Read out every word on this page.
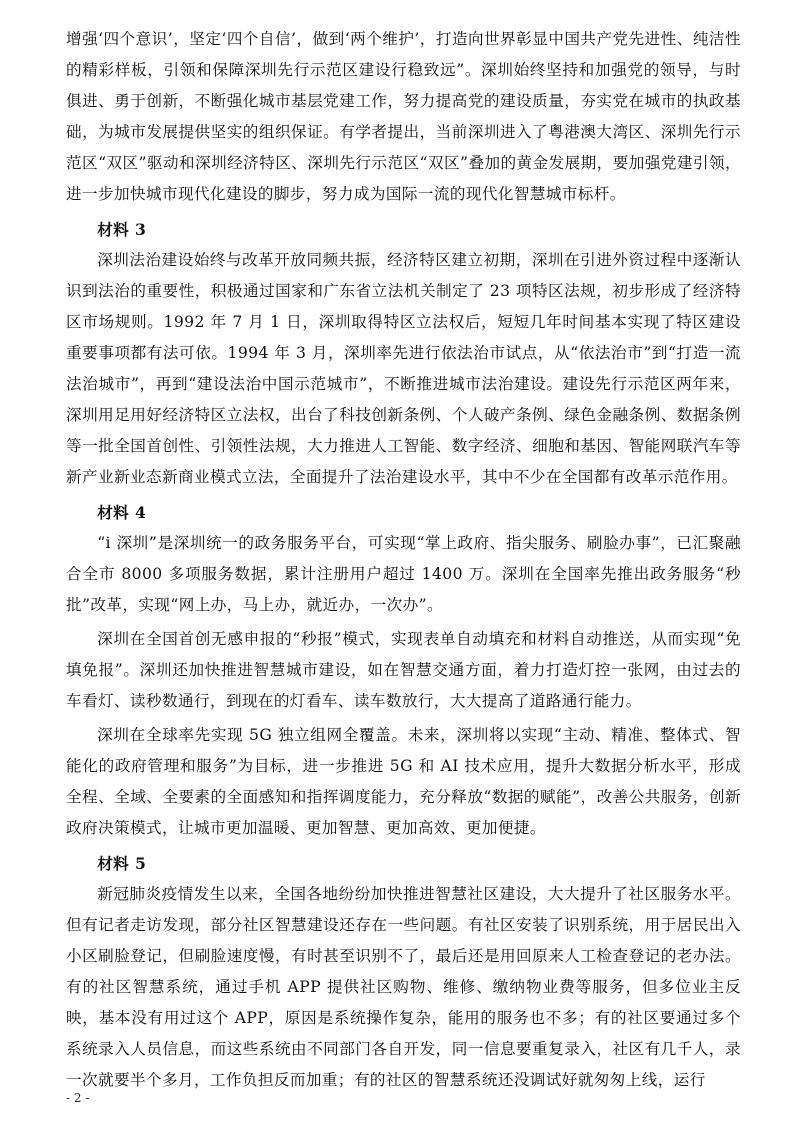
增强‘四个意识’，坚定‘四个自信’，做到‘两个维护’，打造向世界彰显中国共产党先进性、纯洁性的精彩样板，引领和保障深圳先行示范区建设行稳致远”。深圳始终坚持和加强党的领导，与时俱进、勇于创新，不断强化城市基层党建工作，努力提高党的建设质量，夯实党在城市的执政基础，为城市发展提供坚实的组织保证。有学者提出，当前深圳进入了粤港澳大湾区、深圳先行示范区“双区”驱动和深圳经济特区、深圳先行示范区“双区”叠加的黄金发展期，要加强党建引领，进一步加快城市现代化建设的脚步，努力成为国际一流的现代化智慧城市标杆。

材料 3

深圳法治建设始终与改革开放同频共振，经济特区建立初期，深圳在引进外资过程中逐渐认识到法治的重要性，积极通过国家和广东省立法机关制定了 23 项特区法规，初步形成了经济特区市场规则。1992 年 7 月 1 日，深圳取得特区立法权后，短短几年时间基本实现了特区建设重要事项都有法可依。1994 年 3 月，深圳率先进行依法治市试点，从“依法治市”到“打造一流法治城市”，再到“建设法治中国示范城市”，不断推进城市法治建设。建设先行示范区两年来，深圳用足用好经济特区立法权，出台了科技创新条例、个人破产条例、绿色金融条例、数据条例等一批全国首创性、引领性法规，大力推进人工智能、数字经济、细胞和基因、智能网联汽车等新产业新业态新商业模式立法，全面提升了法治建设水平，其中不少在全国都有改革示范作用。

材料 4

“i 深圳”是深圳统一的政务服务平台，可实现“掌上政府、指尖服务、刷脸办事”，已汇聚融合全市 8000 多项服务数据，累计注册用户超过 1400 万。深圳在全国率先推出政务服务“秒批”改革，实现“网上办，马上办，就近办，一次办”。

深圳在全国首创无感申报的“秒报”模式，实现表单自动填充和材料自动推送，从而实现“免填免报”。深圳还加快推进智慧城市建设，如在智慧交通方面，着力打造灯控一张网，由过去的车看灯、读秒数通行，到现在的灯看车、读车数放行，大大提高了道路通行能力。

深圳在全球率先实现 5G 独立组网全覆盖。未来，深圳将以实现“主动、精准、整体式、智能化的政府管理和服务”为目标，进一步推进 5G 和 AI 技术应用，提升大数据分析水平，形成全程、全域、全要素的全面感知和指挥调度能力，充分释放“数据的赋能”，改善公共服务，创新政府决策模式，让城市更加温暖、更加智慧、更加高效、更加便捷。

材料 5

新冠肺炎疫情发生以来，全国各地纷纷加快推进智慧社区建设，大大提升了社区服务水平。但有记者走访发现，部分社区智慧建设还存在一些问题。有社区安装了识别系统，用于居民出入小区刷脸登记，但刷脸速度慢，有时甚至识别不了，最后还是用回原来人工检查登记的老办法。有的社区智慧系统，通过手机 APP 提供社区购物、维修、缴纳物业费等服务，但多位业主反映，基本没有用过这个 APP，原因是系统操作复杂，能用的服务也不多；有的社区要通过多个系统录入人员信息，而这些系统由不同部门各自开发，同一信息要重复录入，社区有几千人，录一次就要半个多月，工作负担反而加重；有的社区的智慧系统还没调试好就匆匆上线，运行

- 2 -
